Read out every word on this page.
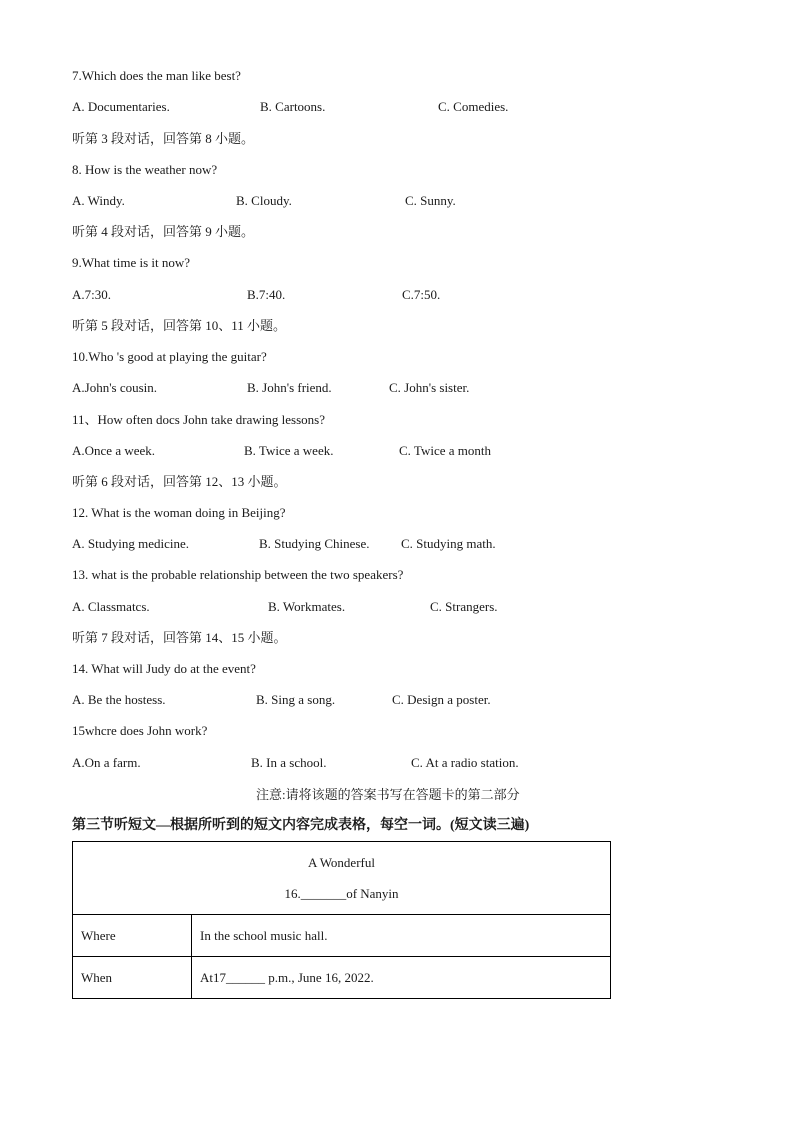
7.Which does the man like best?
A. Documentaries.	B. Cartoons.	C. Comedies.
听第 3 段对话，回答第 8 小题。
8. How is the weather now?
A. Windy.	B. Cloudy.	C. Sunny.
听第 4 段对话，回答第 9 小题。
9.What time is it now?
A.7:30.	B.7:40.	C.7:50.
听第 5 段对话，回答第 10、11 小题。
10.Who 's good at playing the guitar?
A.John's cousin.	B. John's friend.	C. John's sister.
11、How often docs John take drawing lessons?
A.Once a week.	B. Twice a week.	C. Twice a month
听第 6 段对话，回答第 12、13 小题。
12. What is the woman doing in Beijing?
A. Studying medicine.	B. Studying Chinese. C. Studying math.
13. what is the probable relationship between the two speakers?
A. Classmatcs.	B. Workmates.	C. Strangers.
听第 7 段对话，回答第 14、15 小题。
14. What will Judy do at the event?
A. Be the hostess.	B. Sing a song.	C. Design a poster.
15whcre does John work?
A.On a farm.	B. In a school.	C. At a radio station.
注意:请将该题的答案书写在答题卡的第二部分
第三节听短文—根据所听到的短文内容完成表格，每空一词。(短文读三遍)
A Wonderful
16._______of Nanyin	

Where	In the school music hall.
When	At17______ p.m., June 16, 2022.
